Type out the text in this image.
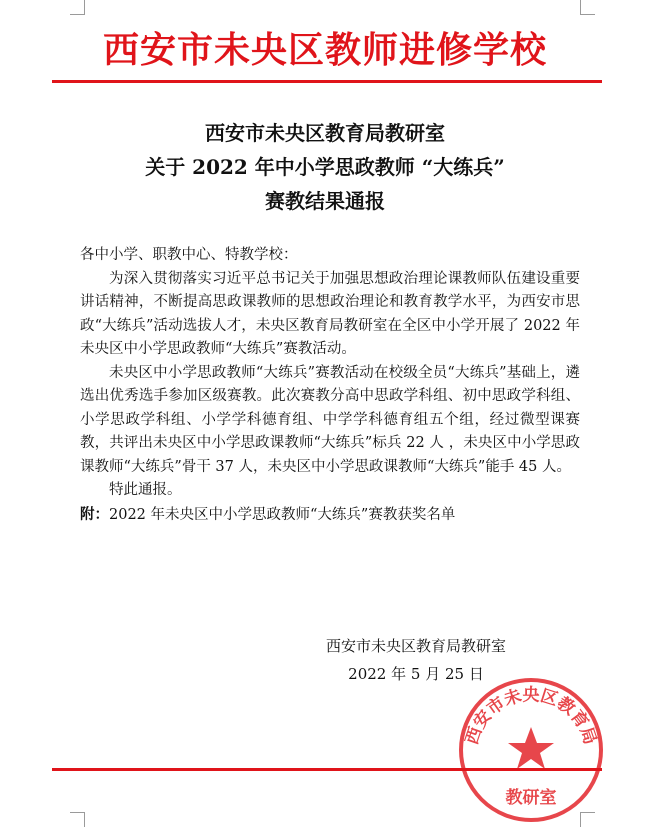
西安市未央区教师进修学校
西安市未央区教育局教研室
关于 2022 年中小学思政教师 “大练兵”
赛教结果通报

各中小学、职教中心、特教学校：

为深入贯彻落实习近平总书记关于加强思想政治理论课教师队伍建设重要讲话精神，不断提高思政课教师的思想政治理论和教育教学水平，为西安市思政“大练兵”活动选拔人才，未央区教育局教研室在全区中小学开展了 2022 年未央区中小学思政教师“大练兵”赛教活动。

未央区中小学思政教师“大练兵”赛教活动在校级全员“大练兵”基础上，遴选出优秀选手参加区级赛教。此次赛教分高中思政学科组、初中思政学科组、小学思政学科组、小学学科德育组、中学学科德育组五个组，经过微型课赛教，共评出未央区中小学思政课教师“大练兵”标兵 22 人 ，未央区中小学思政课教师“大练兵”骨干 37 人，未央区中小学思政课教师“大练兵”能手 45 人。

特此通报。

附：2022 年未央区中小学思政教师“大练兵”赛教获奖名单

西安市未央区教育局教研室
2022 年 5 月 25 日
西安市未央区教育局
教研室
